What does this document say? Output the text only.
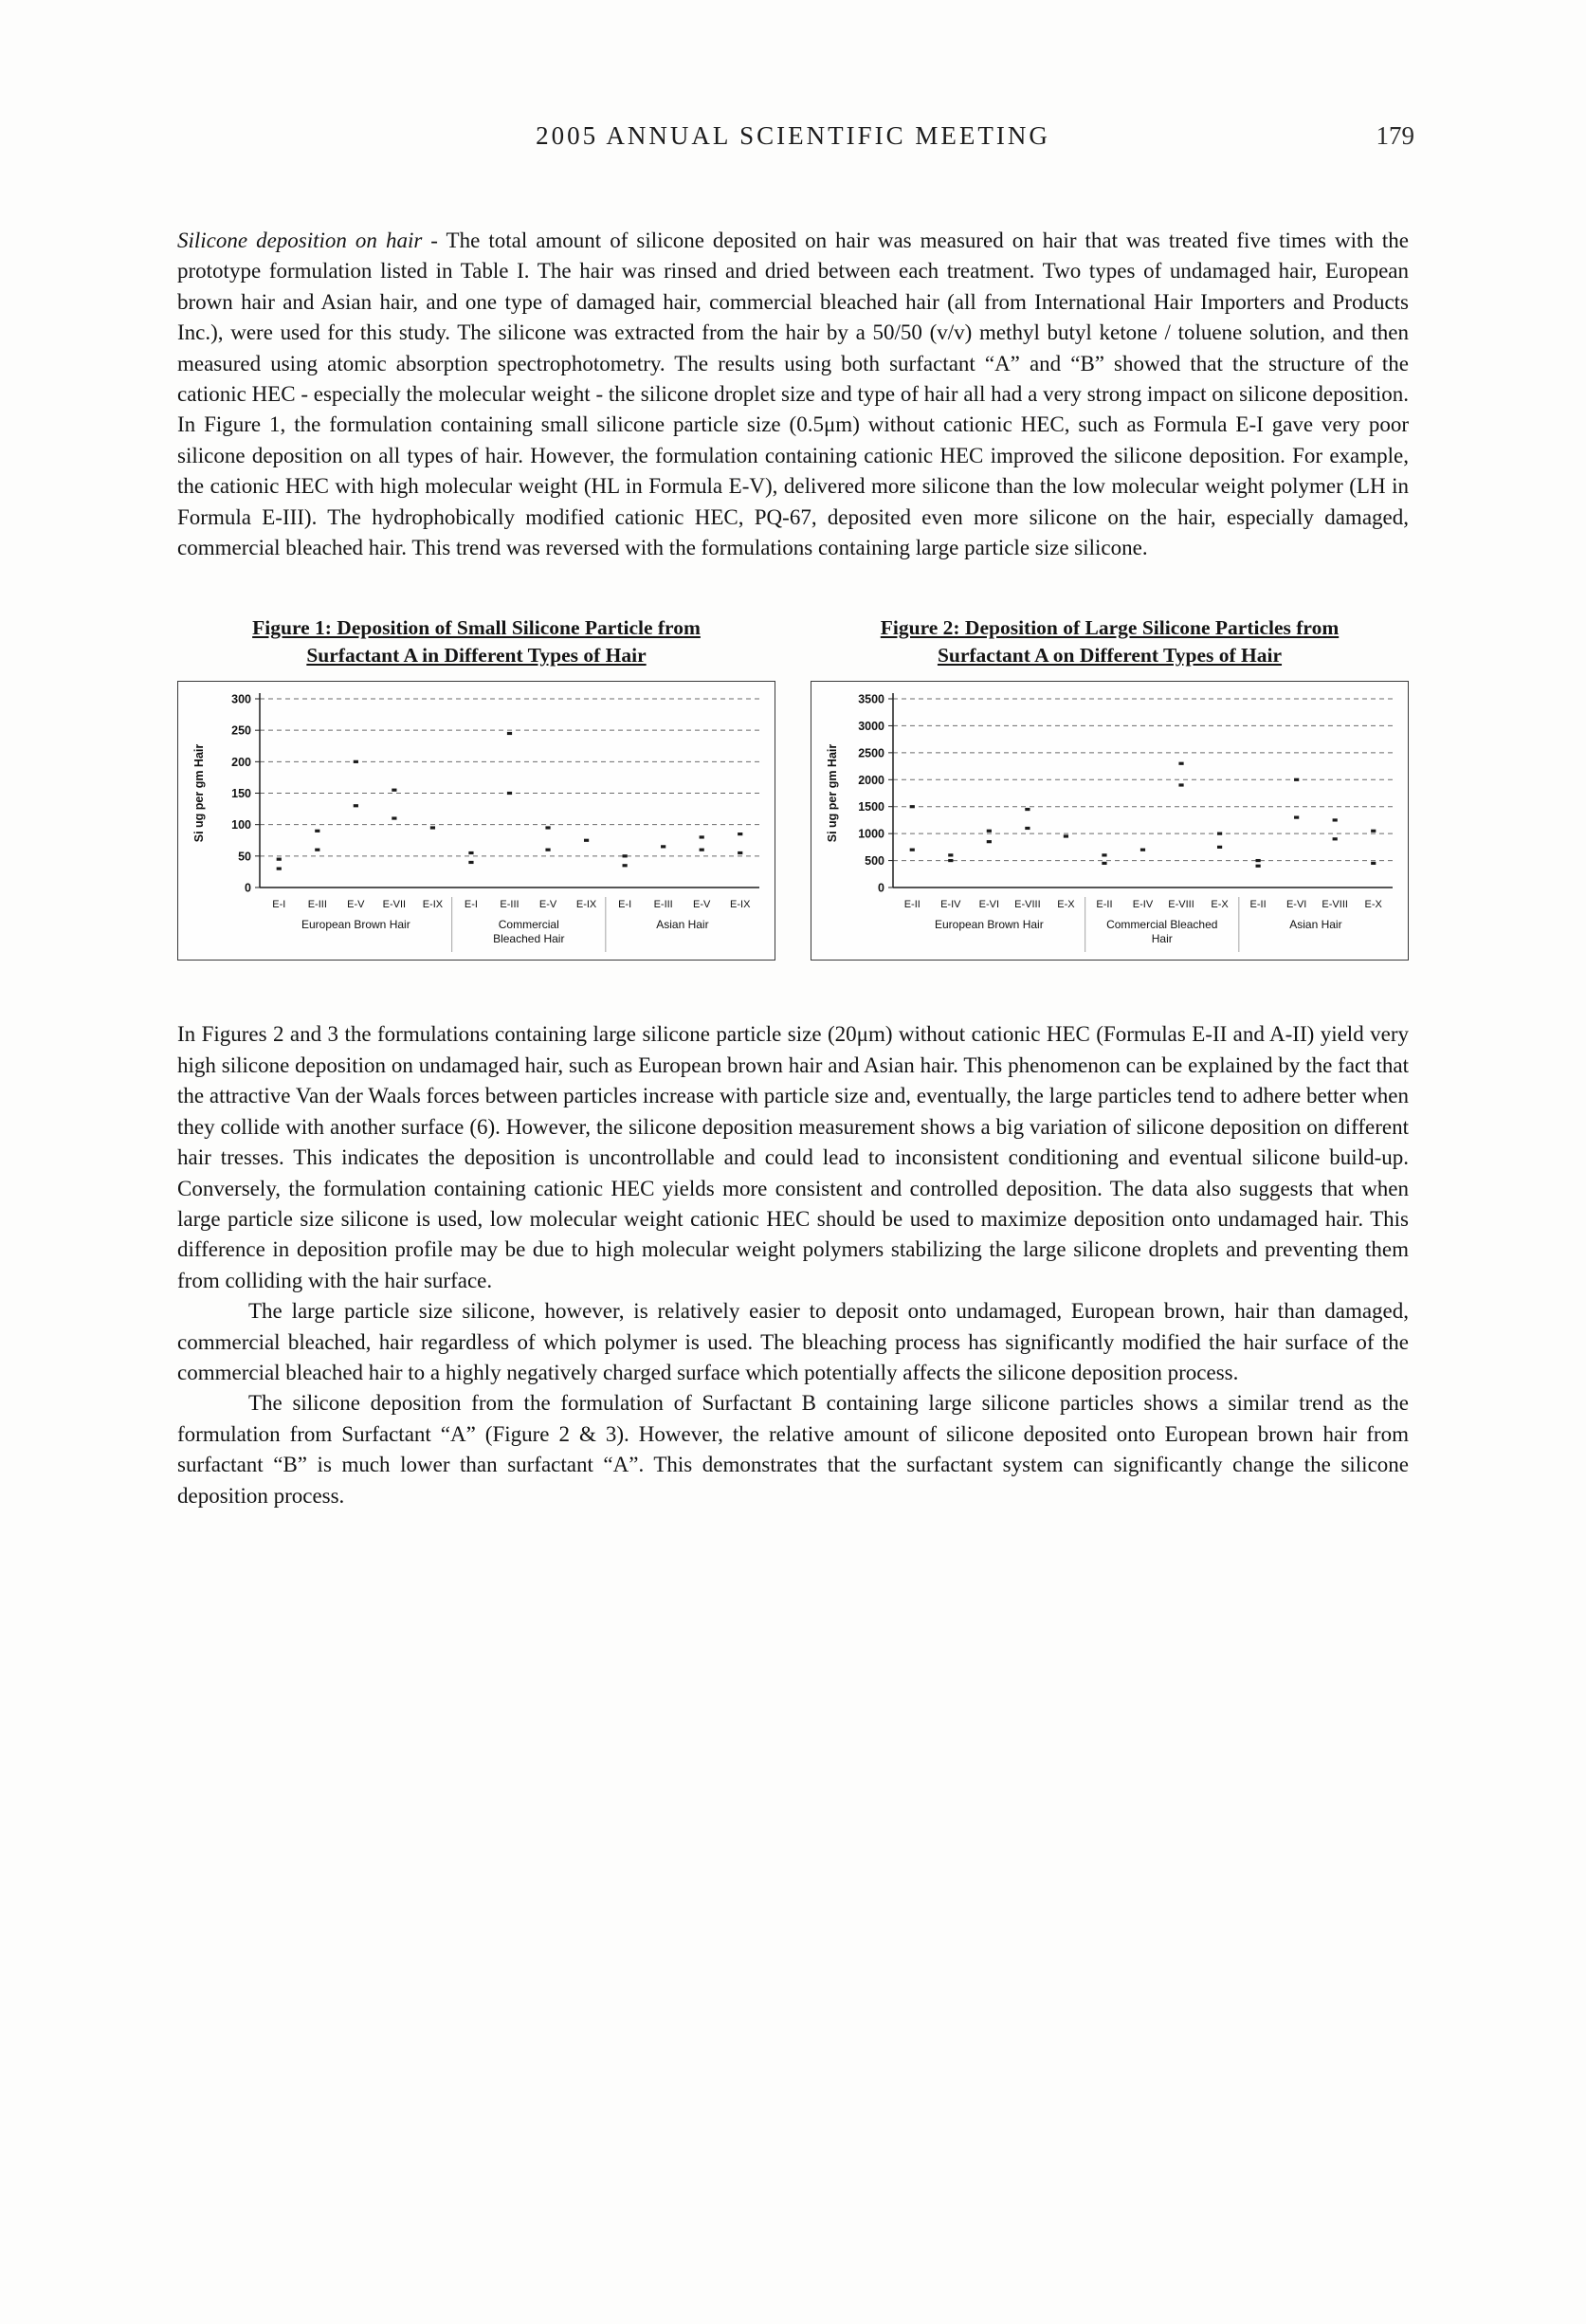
2005 ANNUAL SCIENTIFIC MEETING	179

Silicone deposition on hair - The total amount of silicone deposited on hair was measured on hair that was treated five times with the prototype formulation listed in Table I. The hair was rinsed and dried between each treatment. Two types of undamaged hair, European brown hair and Asian hair, and one type of damaged hair, commercial bleached hair (all from International Hair Importers and Products Inc.), were used for this study. The silicone was extracted from the hair by a 50/50 (v/v) methyl butyl ketone / toluene solution, and then measured using atomic absorption spectrophotometry. The results using both surfactant “A” and “B” showed that the structure of the cationic HEC - especially the molecular weight - the silicone droplet size and type of hair all had a very strong impact on silicone deposition. In Figure 1, the formulation containing small silicone particle size (0.5μm) without cationic HEC, such as Formula E-I gave very poor silicone deposition on all types of hair. However, the formulation containing cationic HEC improved the silicone deposition. For example, the cationic HEC with high molecular weight (HL in Formula E-V), delivered more silicone than the low molecular weight polymer (LH in Formula E-III). The hydrophobically modified cationic HEC, PQ-67, deposited even more silicone on the hair, especially damaged, commercial bleached hair. This trend was reversed with the formulations containing large particle size silicone.

Figure 1: Deposition of Small Silicone Particle from
Surfactant A in Different Types of Hair
0
50
100
150
200
250
300
Si ug per gm Hair
E-I E-III E-V E-VII E-IX E-I E-III E-V E-IX E-I E-III E-V E-IX
European Brown Hair	Commercial
Bleached Hair
Asian Hair
Figure 2: Deposition of Large Silicone Particles from
Surfactant A on Different Types of Hair
0
500
1000
1500
2000
2500
3000
3500
Si ug per gm Hair
E-II E-IV E-VI E-VIII E-X E-II E-IV E-VIII E-X E-II E-VI E-VIII E-X
European Brown Hair	Commercial Bleached
Hair
Asian Hair

In Figures 2 and 3 the formulations containing large silicone particle size (20μm) without cationic HEC (Formulas E-II and A-II) yield very high silicone deposition on undamaged hair, such as European brown hair and Asian hair. This phenomenon can be explained by the fact that the attractive Van der Waals forces between particles increase with particle size and, eventually, the large particles tend to adhere better when they collide with another surface (6). However, the silicone deposition measurement shows a big variation of silicone deposition on different hair tresses. This indicates the deposition is uncontrollable and could lead to inconsistent conditioning and eventual silicone build-up. Conversely, the formulation containing cationic HEC yields more consistent and controlled deposition. The data also suggests that when large particle size silicone is used, low molecular weight cationic HEC should be used to maximize deposition onto undamaged hair. This difference in deposition profile may be due to high molecular weight polymers stabilizing the large silicone droplets and preventing them from colliding with the hair surface.

The large particle size silicone, however, is relatively easier to deposit onto undamaged, European brown, hair than damaged, commercial bleached, hair regardless of which polymer is used. The bleaching process has significantly modified the hair surface of the commercial bleached hair to a highly negatively charged surface which potentially affects the silicone deposition process.

The silicone deposition from the formulation of Surfactant B containing large silicone particles shows a similar trend as the formulation from Surfactant “A” (Figure 2 & 3). However, the relative amount of silicone deposited onto European brown hair from surfactant “B” is much lower than surfactant “A”. This demonstrates that the surfactant system can significantly change the silicone deposition process.
